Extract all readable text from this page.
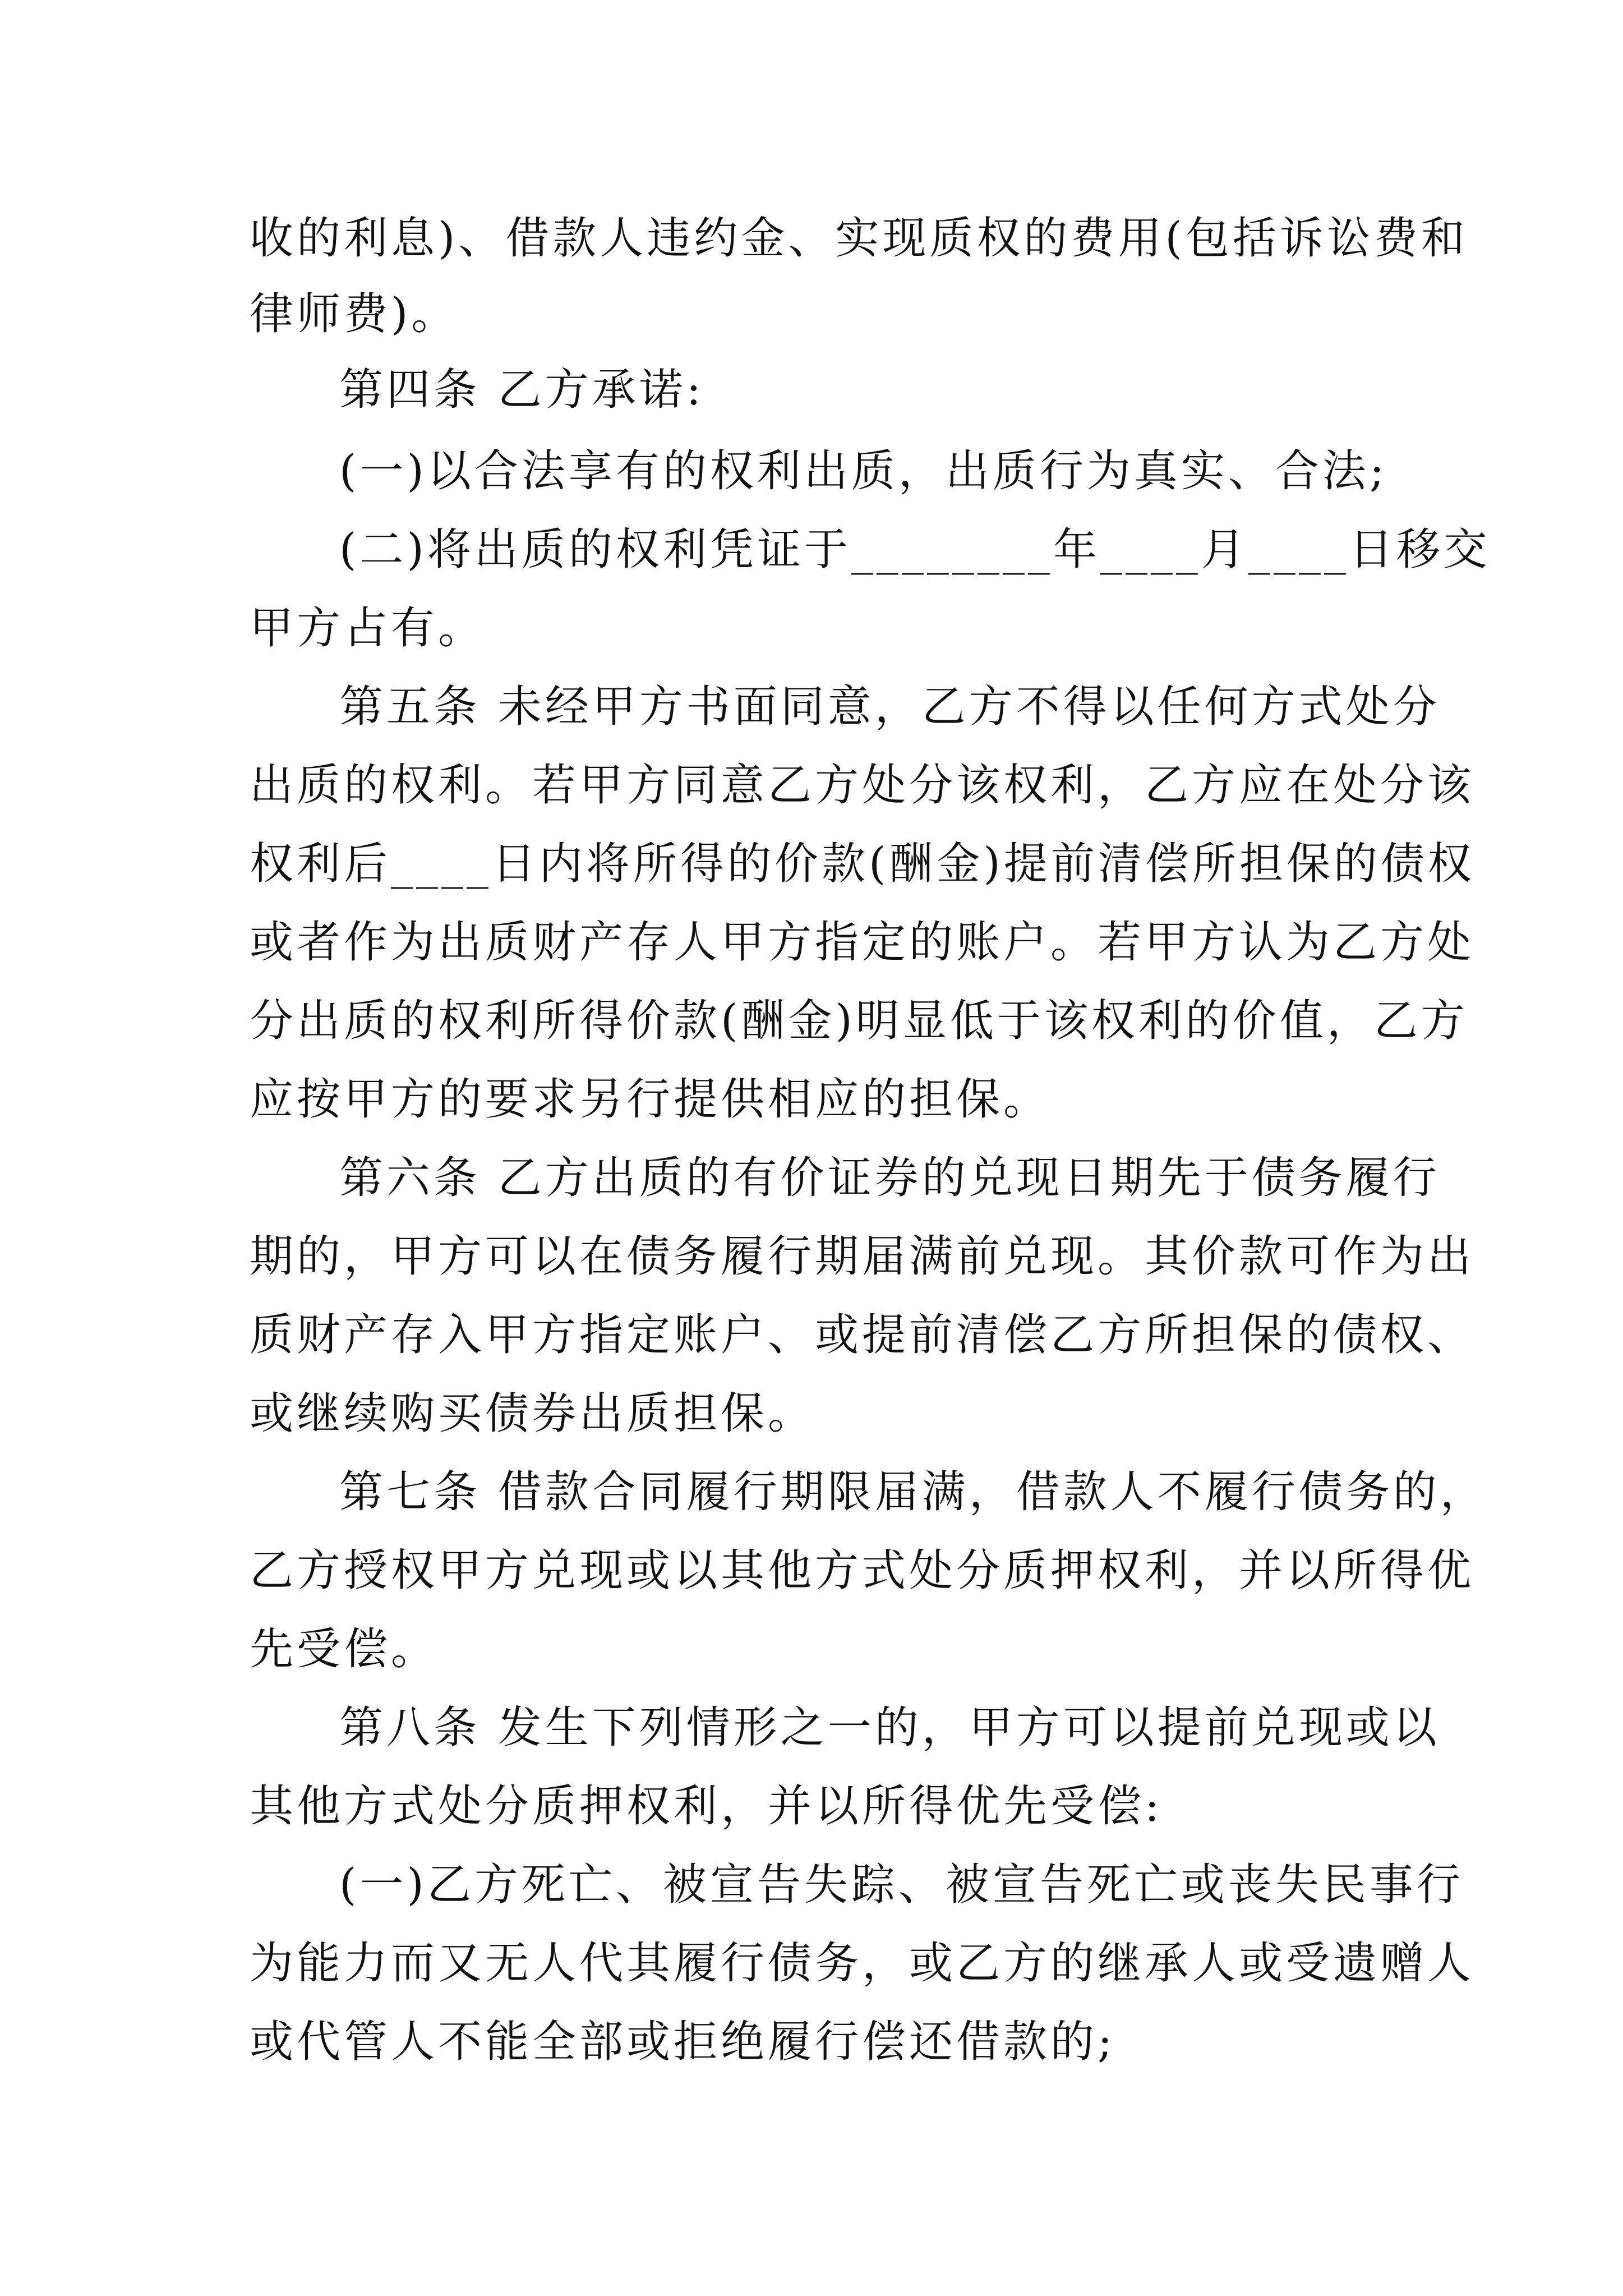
收的利息)、借款人违约金、实现质权的费用(包括诉讼费和
律师费)。
第四条 乙方承诺:
(一)以合法享有的权利出质，出质行为真实、合法;
(二)将出质的权利凭证于________年____月____日移交
甲方占有。
第五条 未经甲方书面同意，乙方不得以任何方式处分
出质的权利。若甲方同意乙方处分该权利，乙方应在处分该
权利后____日内将所得的价款(酬金)提前清偿所担保的债权
或者作为出质财产存人甲方指定的账户。若甲方认为乙方处
分出质的权利所得价款(酬金)明显低于该权利的价值，乙方
应按甲方的要求另行提供相应的担保。
第六条 乙方出质的有价证券的兑现日期先于债务履行
期的，甲方可以在债务履行期届满前兑现。其价款可作为出
质财产存入甲方指定账户、或提前清偿乙方所担保的债权、
或继续购买债券出质担保。
第七条 借款合同履行期限届满，借款人不履行债务的，
乙方授权甲方兑现或以其他方式处分质押权利，并以所得优
先受偿。
第八条 发生下列情形之一的，甲方可以提前兑现或以
其他方式处分质押权利，并以所得优先受偿:
(一)乙方死亡、被宣告失踪、被宣告死亡或丧失民事行
为能力而又无人代其履行债务，或乙方的继承人或受遗赠人
或代管人不能全部或拒绝履行偿还借款的;
